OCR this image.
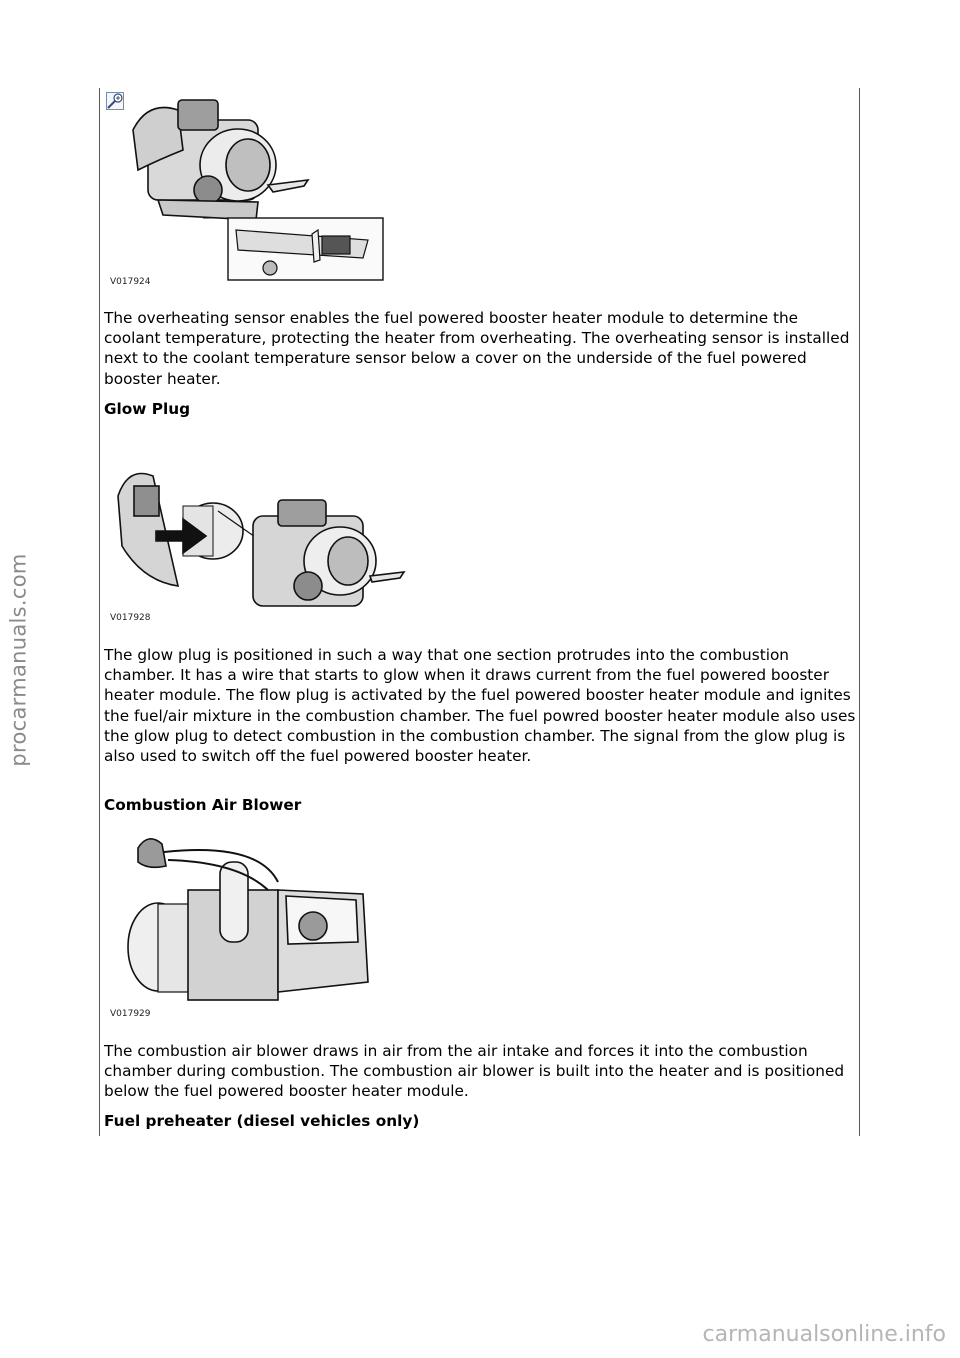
procarmanuals.com
V017924

The overheating sensor enables the fuel powered booster heater module to determine the coolant temperature, protecting the heater from overheating. The overheating sensor is installed next to the coolant temperature sensor below a cover on the underside of the fuel powered booster heater.

Glow Plug

V017928

The glow plug is positioned in such a way that one section protrudes into the combustion chamber. It has a wire that starts to glow when it draws current from the fuel powered booster heater module. The flow plug is activated by the fuel powered booster heater module and ignites the fuel/air mixture in the combustion chamber. The fuel powred booster heater module also uses the glow plug to detect combustion in the combustion chamber. The signal from the glow plug is also used to switch off the fuel powered booster heater.

Combustion Air Blower

V017929

The combustion air blower draws in air from the air intake and forces it into the combustion chamber during combustion. The combustion air blower is built into the heater and is positioned below the fuel powered booster heater module.

Fuel preheater (diesel vehicles only)

carmanualsonline.info
